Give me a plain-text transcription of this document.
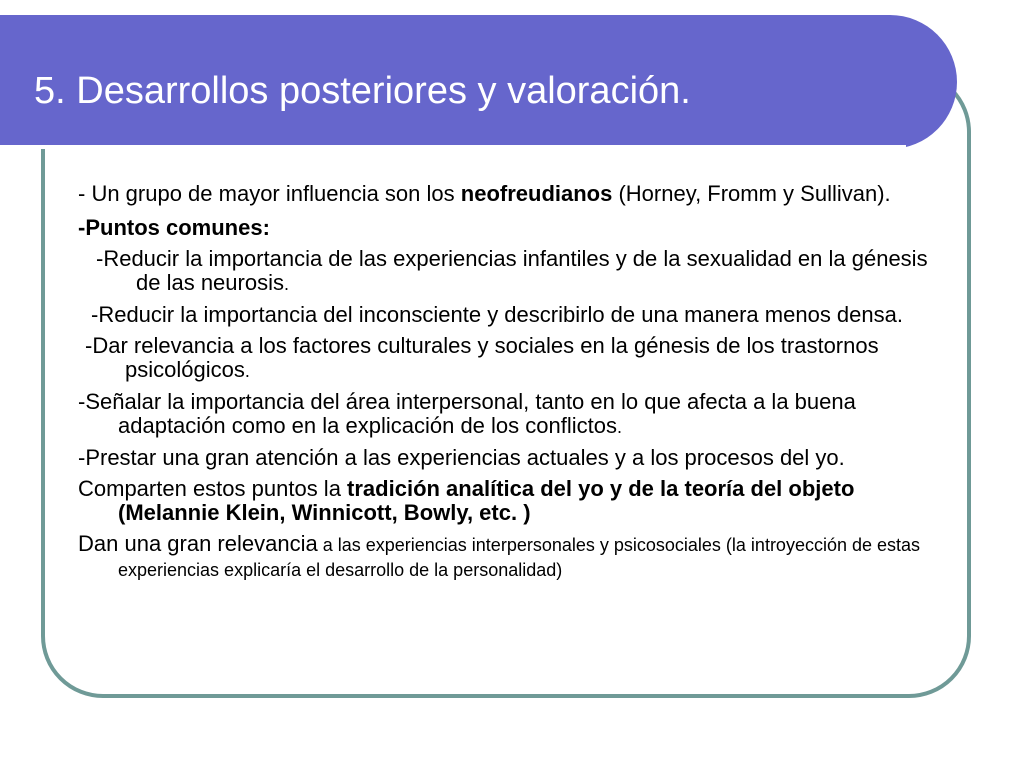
5. Desarrollos posteriores y valoración.

- Un grupo de mayor influencia son los neofreudianos (Horney, Fromm y Sullivan).

-Puntos comunes:

-Reducir la importancia de las experiencias infantiles y de la sexualidad en la génesis de las neurosis.

-Reducir la importancia del inconsciente y describirlo de una manera menos densa.

-Dar relevancia a los factores culturales y sociales en la génesis de los trastornos psicológicos.

-Señalar la importancia del área interpersonal, tanto en lo que afecta a la buena adaptación como en la explicación de los conflictos.

-Prestar una gran atención a las experiencias actuales y a los procesos del yo.

Comparten estos puntos la tradición analítica del yo y de la teoría del objeto (Melannie Klein, Winnicott, Bowly, etc. )

Dan una gran relevancia a las experiencias interpersonales y psicosociales (la introyección de estas experiencias explicaría el desarrollo de la personalidad)
